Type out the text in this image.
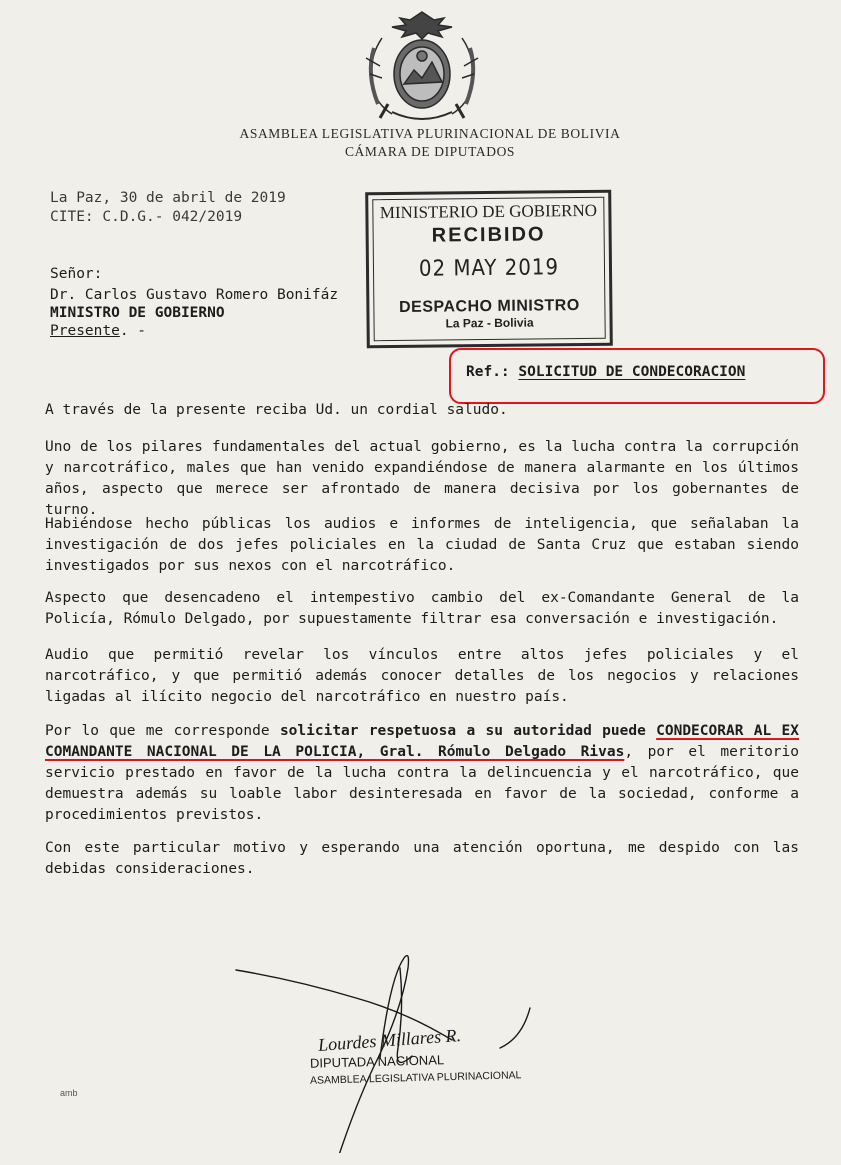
ASAMBLEA LEGISLATIVA PLURINACIONAL DE BOLIVIA
CÁMARA DE DIPUTADOS
La Paz, 30 de abril de 2019
CITE: C.D.G.- 042/2019
Señor:
Dr. Carlos Gustavo Romero Bonifáz
MINISTRO DE GOBIERNO
Presente. -
MINISTERIO DE GOBIERNO
RECIBIDO
02 MAY 2019
DESPACHO MINISTRO
La Paz - Bolivia
Ref.: SOLICITUD DE CONDECORACION
A través de la presente reciba Ud. un cordial saludo.
Uno de los pilares fundamentales del actual gobierno, es la lucha contra la corrupción y narcotráfico, males que han venido expandiéndose de manera alarmante en los últimos años, aspecto que merece ser afrontado de manera decisiva por los gobernantes de turno.
Habiéndose hecho públicas los audios e informes de inteligencia, que señalaban la investigación de dos jefes policiales en la ciudad de Santa Cruz que estaban siendo investigados por sus nexos con el narcotráfico.
Aspecto que desencadeno el intempestivo cambio del ex-Comandante General de la Policía, Rómulo Delgado, por supuestamente filtrar esa conversación e investigación.
Audio que permitió revelar los vínculos entre altos jefes policiales y el narcotráfico, y que permitió además conocer detalles de los negocios y relaciones ligadas al ilícito negocio del narcotráfico en nuestro país.
Por lo que me corresponde solicitar respetuosa a su autoridad puede CONDECORAR AL EX COMANDANTE NACIONAL DE LA POLICIA, Gral. Rómulo Delgado Rivas, por el meritorio servicio prestado en favor de la lucha contra la delincuencia y el narcotráfico, que demuestra además su loable labor desinteresada en favor de la sociedad, conforme a procedimientos previstos.
Con este particular motivo y esperando una atención oportuna, me despido con las debidas consideraciones.
Lourdes Millares R.
DIPUTADA NACIONAL
ASAMBLEA LEGISLATIVA PLURINACIONAL
amb
